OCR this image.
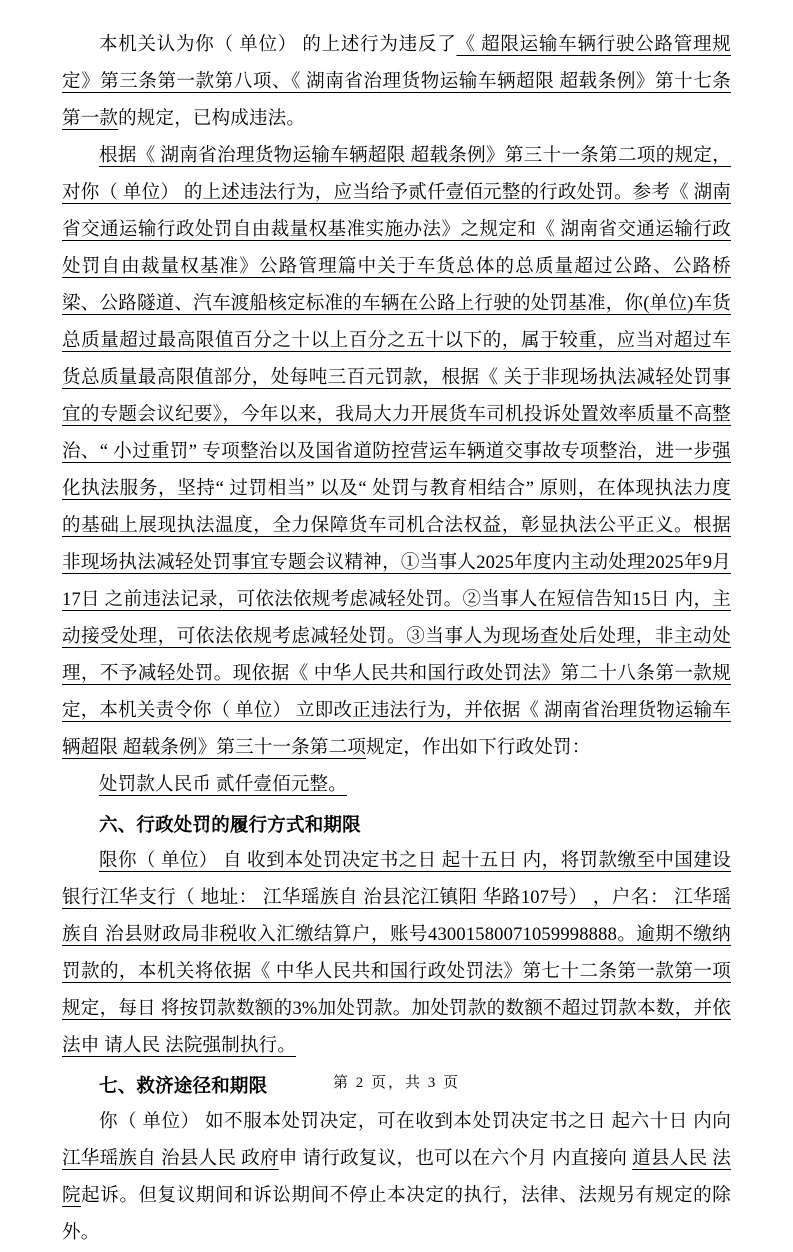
本机关认为你（ 单位） 的上述行为违反了《 超限运输车辆行驶公路管理规定》第三条第一款第八项、《 湖南省治理货物运输车辆超限 超载条例》第十七条第一款的规定，已构成违法。

根据《 湖南省治理货物运输车辆超限 超载条例》第三十一条第二项的规定，对你（ 单位） 的上述违法行为，应当给予贰仟壹佰元整的行政处罚。参考《 湖南省交通运输行政处罚自由裁量权基准实施办法》之规定和《 湖南省交通运输行政处罚自由裁量权基准》公路管理篇中关于车货总体的总质量超过公路、公路桥梁、公路隧道、汽车渡船核定标准的车辆在公路上行驶的处罚基准，你(单位)车货总质量超过最高限值百分之十以上百分之五十以下的，属于较重，应当对超过车货总质量最高限值部分，处每吨三百元罚款，根据《 关于非现场执法减轻处罚事宜的专题会议纪要》，今年以来，我局大力开展货车司机投诉处置效率质量不高整治、“ 小过重罚” 专项整治以及国省道防控营运车辆道交事故专项整治，进一步强化执法服务，坚持“ 过罚相当” 以及“ 处罚与教育相结合” 原则，在体现执法力度的基础上展现执法温度，全力保障货车司机合法权益，彰显执法公平正义。根据非现场执法减轻处罚事宜专题会议精神，①当事人2025年度内主动处理2025年9月17日 之前违法记录，可依法依规考虑减轻处罚。②当事人在短信告知15日 内，主动接受处理，可依法依规考虑减轻处罚。③当事人为现场查处后处理，非主动处理，不予减轻处罚。现依据《 中华人民共和国行政处罚法》第二十八条第一款规定，本机关责令你（ 单位） 立即改正违法行为，并依据《 湖南省治理货物运输车辆超限 超载条例》第三十一条第二项规定，作出如下行政处罚：

处罚款人民币 贰仟壹佰元整。

六、行政处罚的履行方式和期限

限你（ 单位） 自 收到本处罚决定书之日 起十五日 内，将罚款缴至中国建设银行江华支行（ 地址： 江华瑶族自 治县沱江镇阳 华路107号） ，户名： 江华瑶族自 治县财政局非税收入汇缴结算户，账号43001580071059998888。逾期不缴纳罚款的，本机关将依据《 中华人民共和国行政处罚法》第七十二条第一款第一项规定，每日 将按罚款数额的3%加处罚款。加处罚款的数额不超过罚款本数，并依法申 请人民 法院强制执行。

七、救济途径和期限

你（ 单位） 如不服本处罚决定，可在收到本处罚决定书之日 起六十日 内向 江华瑶族自 治县人民 政府申 请行政复议，也可以在六个月 内直接向 道县人民 法院起诉。但复议期间和诉讼期间不停止本决定的执行，法律、法规另有规定的除外。

第 2 页，共 3 页
